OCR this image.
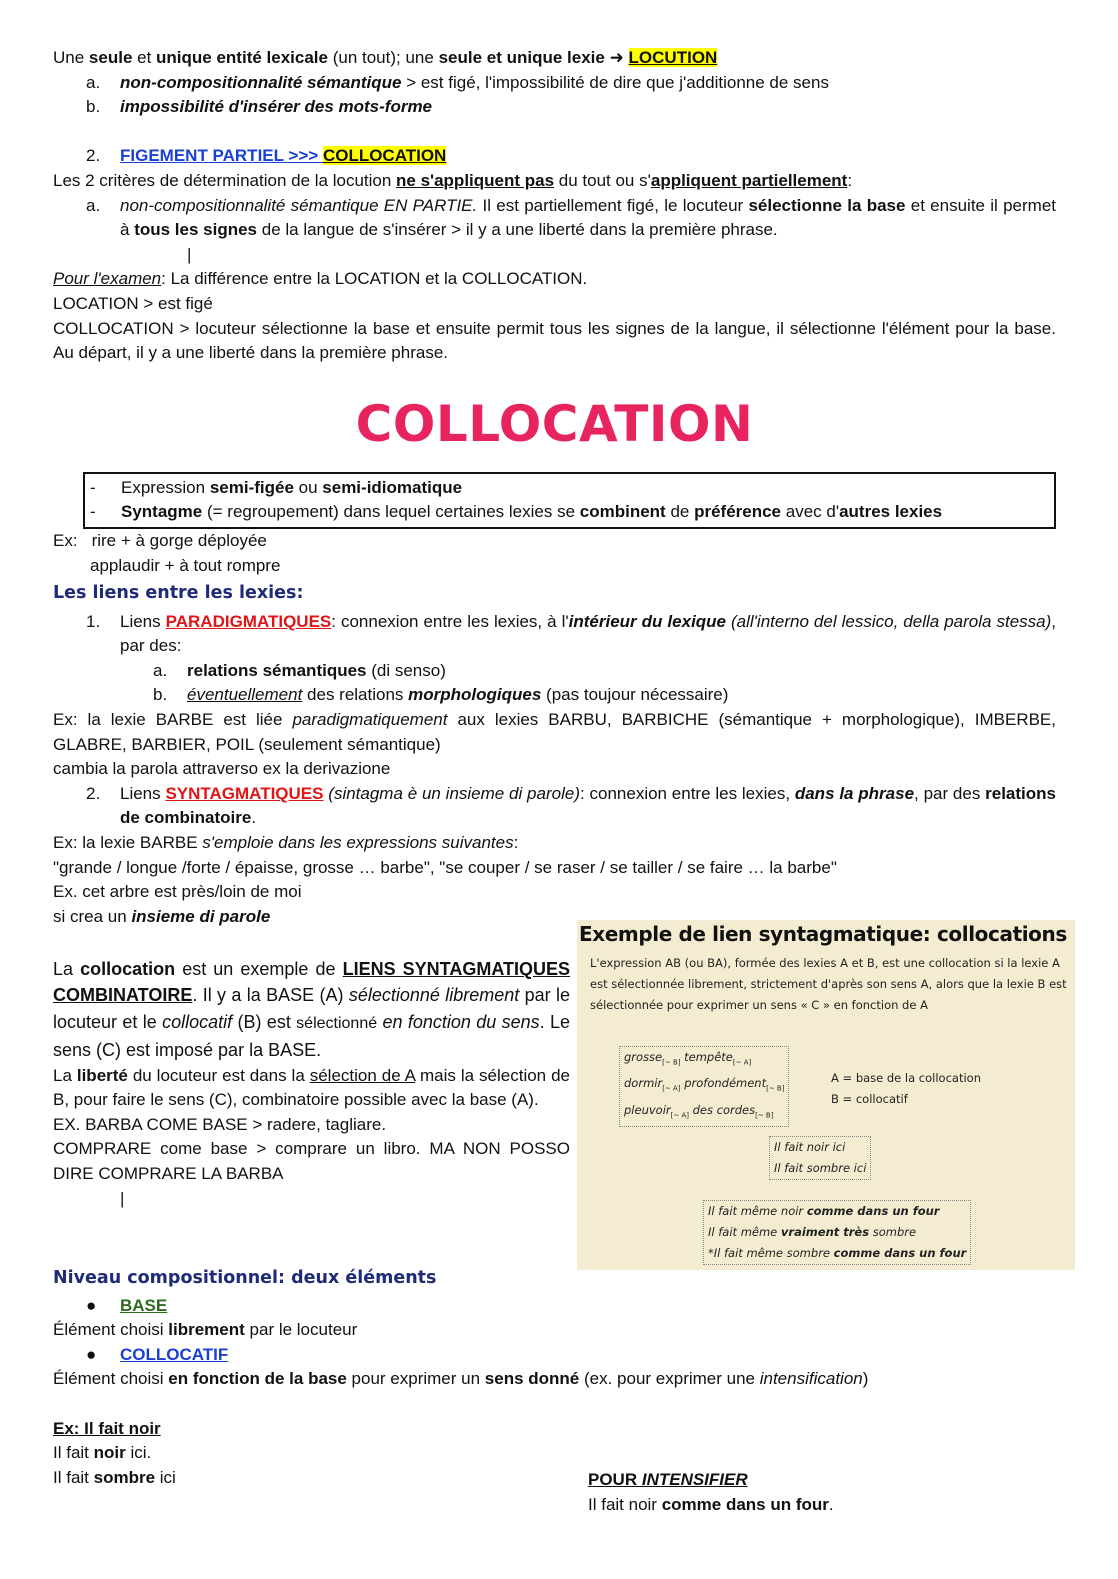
Une seule et unique entité lexicale (un tout); une seule et unique lexie ➜ LOCUTION

a. non-compositionnalité sémantique > est figé, l'impossibilité de dire que j'additionne de sens

b. impossibilité d'insérer des mots-forme

2. FIGEMENT PARTIEL >>> COLLOCATION

Les 2 critères de détermination de la locution ne s'appliquent pas du tout ou s'appliquent partiellement:

a. non-compositionnalité sémantique EN PARTIE. Il est partiellement figé, le locuteur sélectionne la base et ensuite il permet à tous les signes de la langue de s'insérer > il y a une liberté dans la première phrase.

|

Pour l'examen: La différence entre la LOCATION et la COLLOCATION.

LOCATION > est figé

COLLOCATION > locuteur sélectionne la base et ensuite permit tous les signes de la langue, il sélectionne l'élément pour la base. Au départ, il y a une liberté dans la première phrase.

COLLOCATION
- Expression semi-figée ou semi-idiomatique
- Syntagme (= regroupement) dans lequel certaines lexies se combinent de préférence avec d'autres lexies

Ex: rire + à gorge déployée

applaudir + à tout rompre

Les liens entre les lexies:

1. Liens PARADIGMATIQUES: connexion entre les lexies, à l'intérieur du lexique (all'interno del lessico, della parola stessa), par des:

a. relations sémantiques (di senso)

b. éventuellement des relations morphologiques (pas toujour nécessaire)

Ex: la lexie BARBE est liée paradigmatiquement aux lexies BARBU, BARBICHE (sémantique + morphologique), IMBERBE, GLABRE, BARBIER, POIL (seulement sémantique)

cambia la parola attraverso ex la derivazione

2. Liens SYNTAGMATIQUES (sintagma è un insieme di parole): connexion entre les lexies, dans la phrase, par des relations de combinatoire.

Ex: la lexie BARBE s'emploie dans les expressions suivantes:

"grande / longue /forte / épaisse, grosse … barbe", "se couper / se raser / se tailler / se faire … la barbe"

Ex. cet arbre est près/loin de moi

si crea un insieme di parole

La collocation est un exemple de LIENS SYNTAGMATIQUES COMBINATOIRE. Il y a la BASE (A) sélectionné librement par le locuteur et le collocatif (B) est sélectionné en fonction du sens. Le sens (C) est imposé par la BASE.

La liberté du locuteur est dans la sélection de A mais la sélection de B, pour faire le sens (C), combinatoire possible avec la base (A).

EX. BARBA COME BASE > radere, tagliare.

COMPRARE come base > comprare un libro. MA NON POSSO DIRE COMPRARE LA BARBA

|

Exemple de lien syntagmatique: collocations
L'expression AB (ou BA), formée des lexies A et B, est une collocation si la lexie A est sélectionnée librement, strictement d'après son sens A, alors que la lexie B est sélectionnée pour exprimer un sens « C » en fonction de A
grosse$_{[\sim B]}$ tempête$_{[\sim A]}$
dormir$_{[\sim A]}$ profondément$_{[\sim B]}$
pleuvoir$_{[\sim A]}$ des cordes$_{[\sim B]}$
A = base de la collocation
B = collocatif
Il fait noir ici
Il fait sombre ici
Il fait même noir comme dans un four
Il fait même vraiment très sombre
*Il fait même sombre comme dans un four

Niveau compositionnel: deux éléments

● BASE

Élément choisi librement par le locuteur

● COLLOCATIF

Élément choisi en fonction de la base pour exprimer un sens donné (ex. pour exprimer une intensification)

Ex: Il fait noir

Il fait noir ici.

Il fait sombre ici	POUR INTENSIFIER

Il fait noir comme dans un four.
